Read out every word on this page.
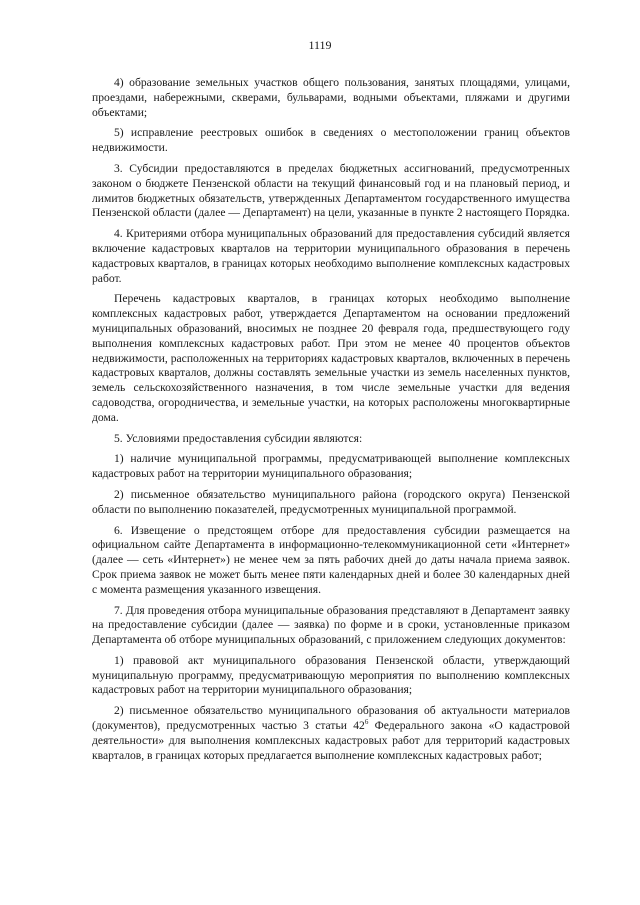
1119

4) образование земельных участков общего пользования, занятых площадями, улицами, проездами, набережными, скверами, бульварами, водными объектами, пляжами и другими объектами;

5) исправление реестровых ошибок в сведениях о местоположении границ объектов недвижимости.

3. Субсидии предоставляются в пределах бюджетных ассигнований, предусмотренных законом о бюджете Пензенской области на текущий финансовый год и на плановый период, и лимитов бюджетных обязательств, утвержденных Департаментом государственного имущества Пензенской области (далее — Департамент) на цели, указанные в пункте 2 настоящего Порядка.

4. Критериями отбора муниципальных образований для предоставления субсидий является включение кадастровых кварталов на территории муниципального образования в перечень кадастровых кварталов, в границах которых необходимо выполнение комплексных кадастровых работ.

Перечень кадастровых кварталов, в границах которых необходимо выполнение комплексных кадастровых работ, утверждается Департаментом на основании предложений муниципальных образований, вносимых не позднее 20 февраля года, предшествующего году выполнения комплексных кадастровых работ. При этом не менее 40 процентов объектов недвижимости, расположенных на территориях кадастровых кварталов, включенных в перечень кадастровых кварталов, должны составлять земельные участки из земель населенных пунктов, земель сельскохозяйственного назначения, в том числе земельные участки для ведения садоводства, огородничества, и земельные участки, на которых расположены многоквартирные дома.

5. Условиями предоставления субсидии являются:

1) наличие муниципальной программы, предусматривающей выполнение комплексных кадастровых работ на территории муниципального образования;

2) письменное обязательство муниципального района (городского округа) Пензенской области по выполнению показателей, предусмотренных муниципальной программой.

6. Извещение о предстоящем отборе для предоставления субсидии размещается на официальном сайте Департамента в информационно-телекоммуникационной сети «Интернет» (далее — сеть «Интернет») не менее чем за пять рабочих дней до даты начала приема заявок. Срок приема заявок не может быть менее пяти календарных дней и более 30 календарных дней с момента размещения указанного извещения.

7. Для проведения отбора муниципальные образования представляют в Департамент заявку на предоставление субсидии (далее — заявка) по форме и в сроки, установленные приказом Департамента об отборе муниципальных образований, с приложением следующих документов:

1) правовой акт муниципального образования Пензенской области, утверждающий муниципальную программу, предусматривающую мероприятия по выполнению комплексных кадастровых работ на территории муниципального образования;

2) письменное обязательство муниципального образования об актуальности материалов (документов), предусмотренных частью 3 статьи $42^6$ Федерального закона «О кадастровой деятельности» для выполнения комплексных кадастровых работ для территорий кадастровых кварталов, в границах которых предлагается выполнение комплексных кадастровых работ;
